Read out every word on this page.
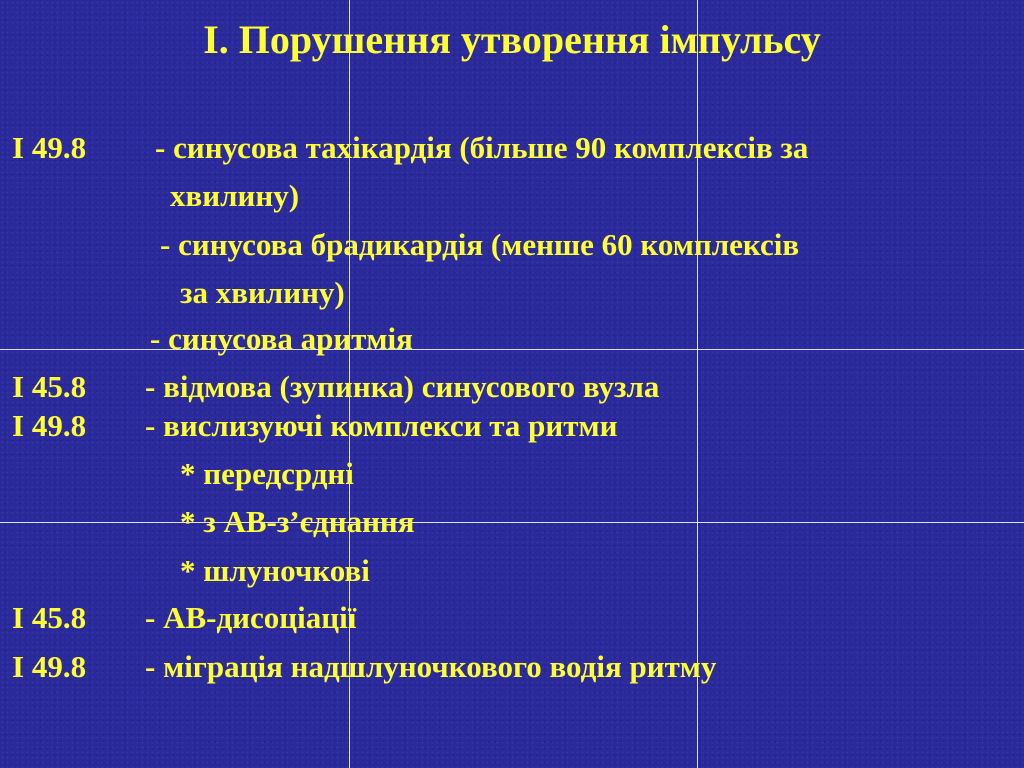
І. Порушення утворення імпульсу
І 49.8 - синусова тахікардія (більше 90 комплексів за
хвилину)
- синусова брадикардія (менше 60 комплексів
за хвилину)
- синусова аритмія
І 45.8 - відмова (зупинка) синусового вузла
І 49.8 - вислизуючі комплекси та ритми
* передсрдні
* з АВ-з’єднання
* шлуночкові
І 45.8 - АВ-дисоціації
І 49.8 - міграція надшлуночкового водія ритму
